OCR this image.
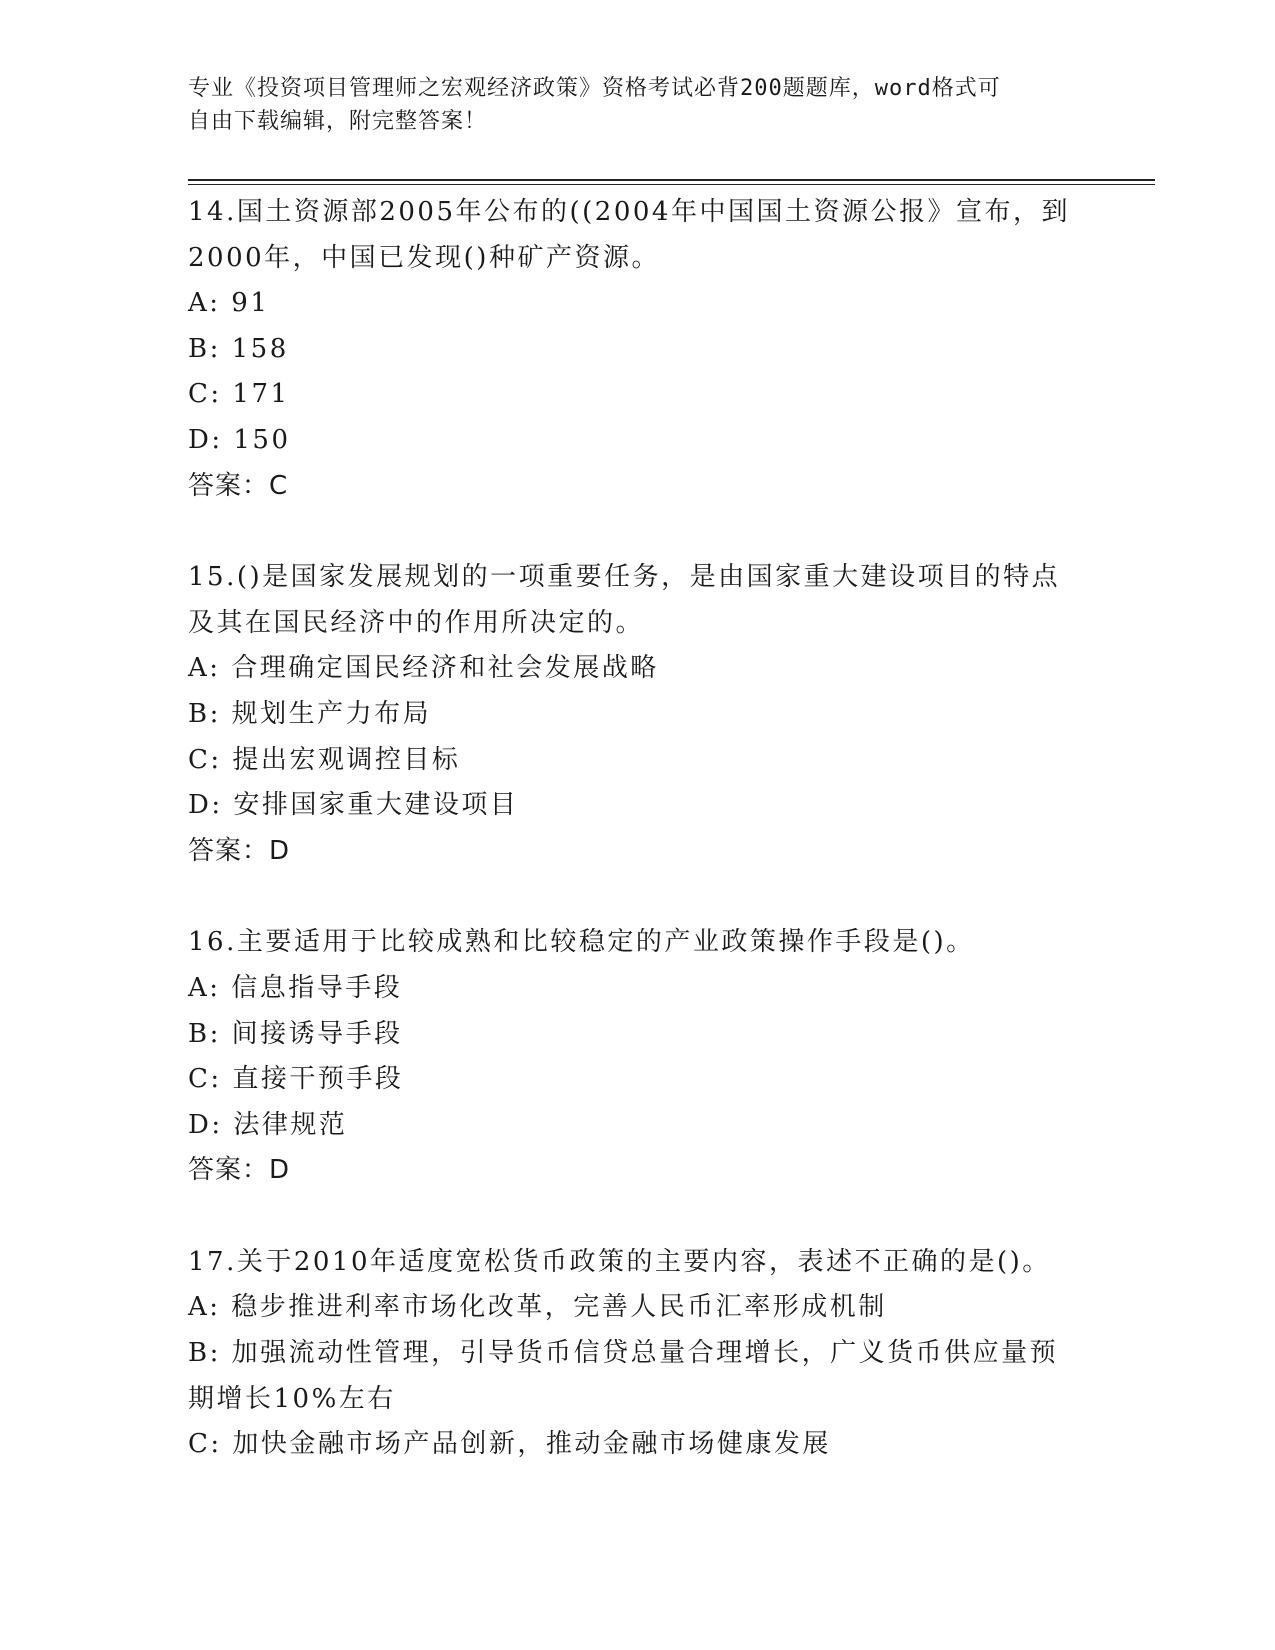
专业《投资项目管理师之宏观经济政策》资格考试必背200题题库，word格式可
自由下载编辑，附完整答案！
14.国土资源部2005年公布的((2004年中国国土资源公报》宣布，到
2000年，中国已发现()种矿产资源。
A: 91
B: 158
C: 171
D: 150
答案：C
15.()是国家发展规划的一项重要任务，是由国家重大建设项目的特点
及其在国民经济中的作用所决定的。
A: 合理确定国民经济和社会发展战略
B: 规划生产力布局
C: 提出宏观调控目标
D: 安排国家重大建设项目
答案：D
16.主要适用于比较成熟和比较稳定的产业政策操作手段是()。
A: 信息指导手段
B: 间接诱导手段
C: 直接干预手段
D: 法律规范
答案：D
17.关于2010年适度宽松货币政策的主要内容，表述不正确的是()。
A: 稳步推进利率市场化改革，完善人民币汇率形成机制
B: 加强流动性管理，引导货币信贷总量合理增长，广义货币供应量预
期增长10%左右
C: 加快金融市场产品创新，推动金融市场健康发展
